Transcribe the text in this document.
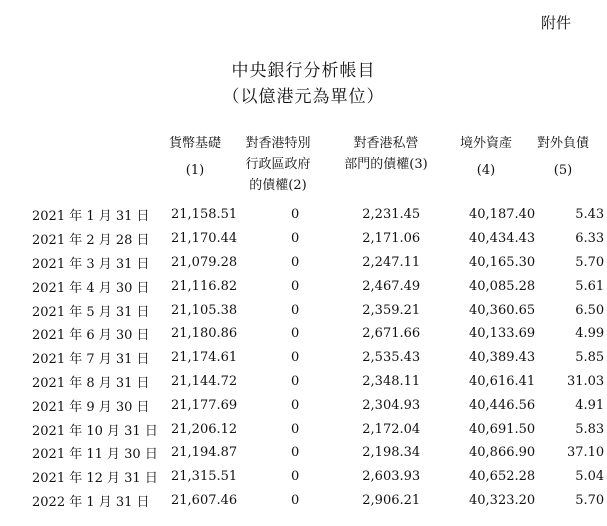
附件
中央銀行分析帳目
（以億港元為單位）
貨幣基礎
(1)
對香港特別
行政區政府
的債權(2)
對香港私營
部門的債權(3)
境外資產
(4)
對外負債
(5)
2021 年 1 月 31 日	21,158.51	0	2,231.45	40,187.40	5.43
2021 年 2 月 28 日	21,170.44	0	2,171.06	40,434.43	6.33
2021 年 3 月 31 日	21,079.28	0	2,247.11	40,165.30	5.70
2021 年 4 月 30 日	21,116.82	0	2,467.49	40,085.28	5.61
2021 年 5 月 31 日	21,105.38	0	2,359.21	40,360.65	6.50
2021 年 6 月 30 日	21,180.86	0	2,671.66	40,133.69	4.99
2021 年 7 月 31 日	21,174.61	0	2,535.43	40,389.43	5.85
2021 年 8 月 31 日	21,144.72	0	2,348.11	40,616.41	31.03
2021 年 9 月 30 日	21,177.69	0	2,304.93	40,446.56	4.91
2021 年 10 月 31 日	21,206.12	0	2,172.04	40,691.50	5.83
2021 年 11 月 30 日	21,194.87	0	2,198.34	40,866.90	37.10
2021 年 12 月 31 日	21,315.51	0	2,603.93	40,652.28	5.04
2022 年 1 月 31 日	21,607.46	0	2,906.21	40,323.20	5.70
